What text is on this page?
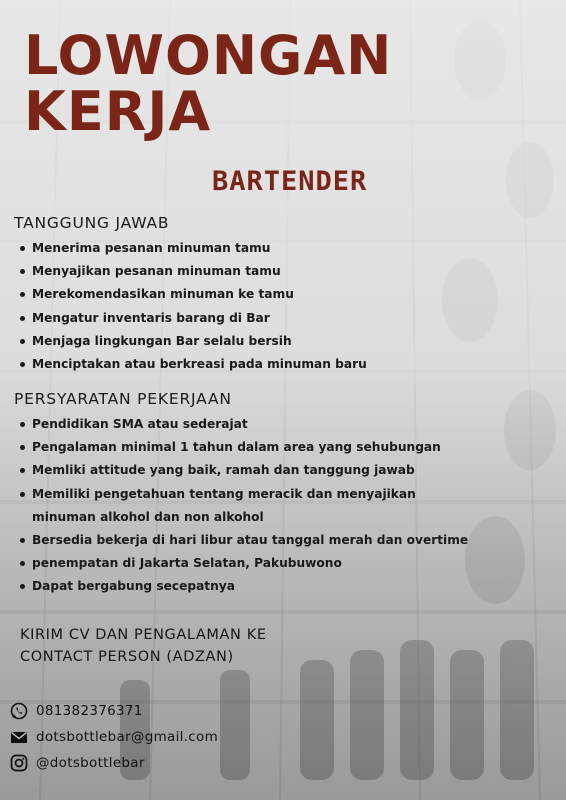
LOWONGAN
KERJA
BARTENDER
TANGGUNG JAWAB
Menerima pesanan minuman tamu
Menyajikan pesanan minuman tamu
Merekomendasikan minuman ke tamu
Mengatur inventaris barang di Bar
Menjaga lingkungan Bar selalu bersih
Menciptakan atau berkreasi pada minuman baru
PERSYARATAN PEKERJAAN
Pendidikan SMA atau sederajat
Pengalaman minimal 1 tahun dalam area yang sehubungan
Memliki attitude yang baik, ramah dan tanggung jawab
Memiliki pengetahuan tentang meracik dan menyajikan
minuman alkohol dan non alkohol
Bersedia bekerja di hari libur atau tanggal merah dan overtime
penempatan di Jakarta Selatan, Pakubuwono
Dapat bergabung secepatnya

KIRIM CV DAN PENGALAMAN KE
CONTACT PERSON (ADZAN)

081382376371
dotsbottlebar@gmail.com
@dotsbottlebar
